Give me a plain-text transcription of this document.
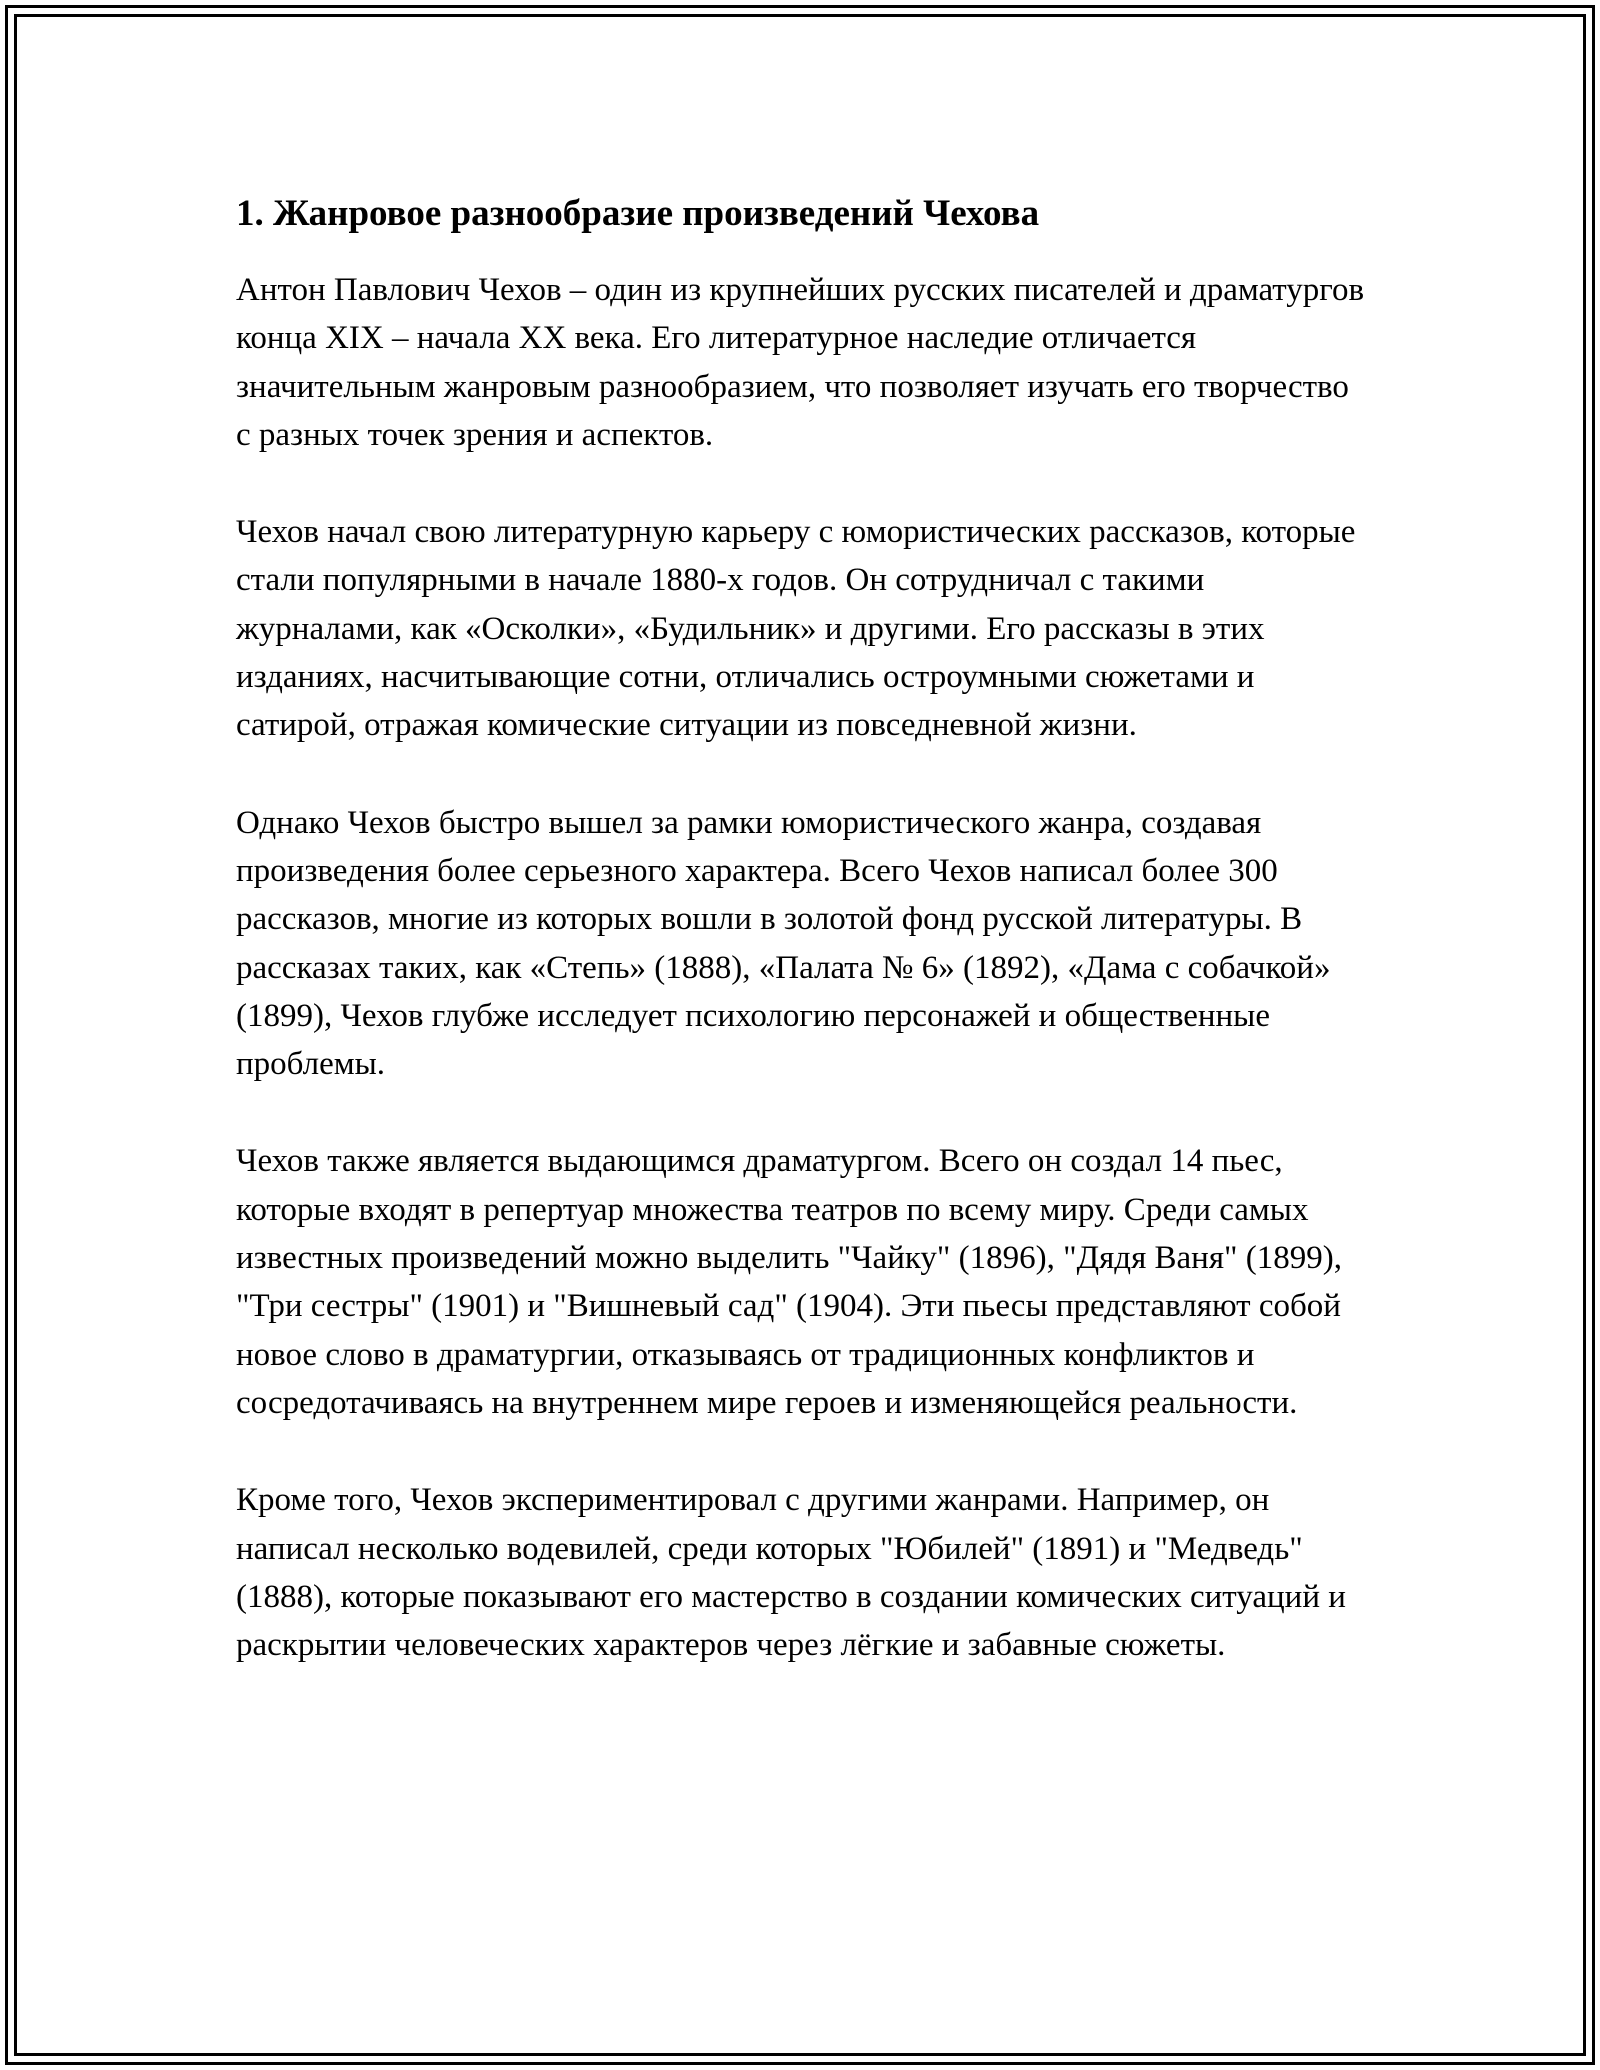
1. Жанровое разнообразие произведений Чехова

Антон Павлович Чехов – один из крупнейших русских писателей и драматургов конца XIX – начала XX века. Его литературное наследие отличается значительным жанровым разнообразием, что позволяет изучать его творчество с разных точек зрения и аспектов.

Чехов начал свою литературную карьеру с юмористических рассказов, которые стали популярными в начале 1880-х годов. Он сотрудничал с такими журналами, как «Осколки», «Будильник» и другими. Его рассказы в этих изданиях, насчитывающие сотни, отличались остроумными сюжетами и сатирой, отражая комические ситуации из повседневной жизни.

Однако Чехов быстро вышел за рамки юмористического жанра, создавая произведения более серьезного характера. Всего Чехов написал более 300 рассказов, многие из которых вошли в золотой фонд русской литературы. В рассказах таких, как «Степь» (1888), «Палата № 6» (1892), «Дама с собачкой» (1899), Чехов глубже исследует психологию персонажей и общественные проблемы.

Чехов также является выдающимся драматургом. Всего он создал 14 пьес, которые входят в репертуар множества театров по всему миру. Среди самых известных произведений можно выделить "Чайку" (1896), "Дядя Ваня" (1899), "Три сестры" (1901) и "Вишневый сад" (1904). Эти пьесы представляют собой новое слово в драматургии, отказываясь от традиционных конфликтов и сосредотачиваясь на внутреннем мире героев и изменяющейся реальности.

Кроме того, Чехов экспериментировал с другими жанрами. Например, он написал несколько водевилей, среди которых "Юбилей" (1891) и "Медведь" (1888), которые показывают его мастерство в создании комических ситуаций и раскрытии человеческих характеров через лёгкие и забавные сюжеты.
